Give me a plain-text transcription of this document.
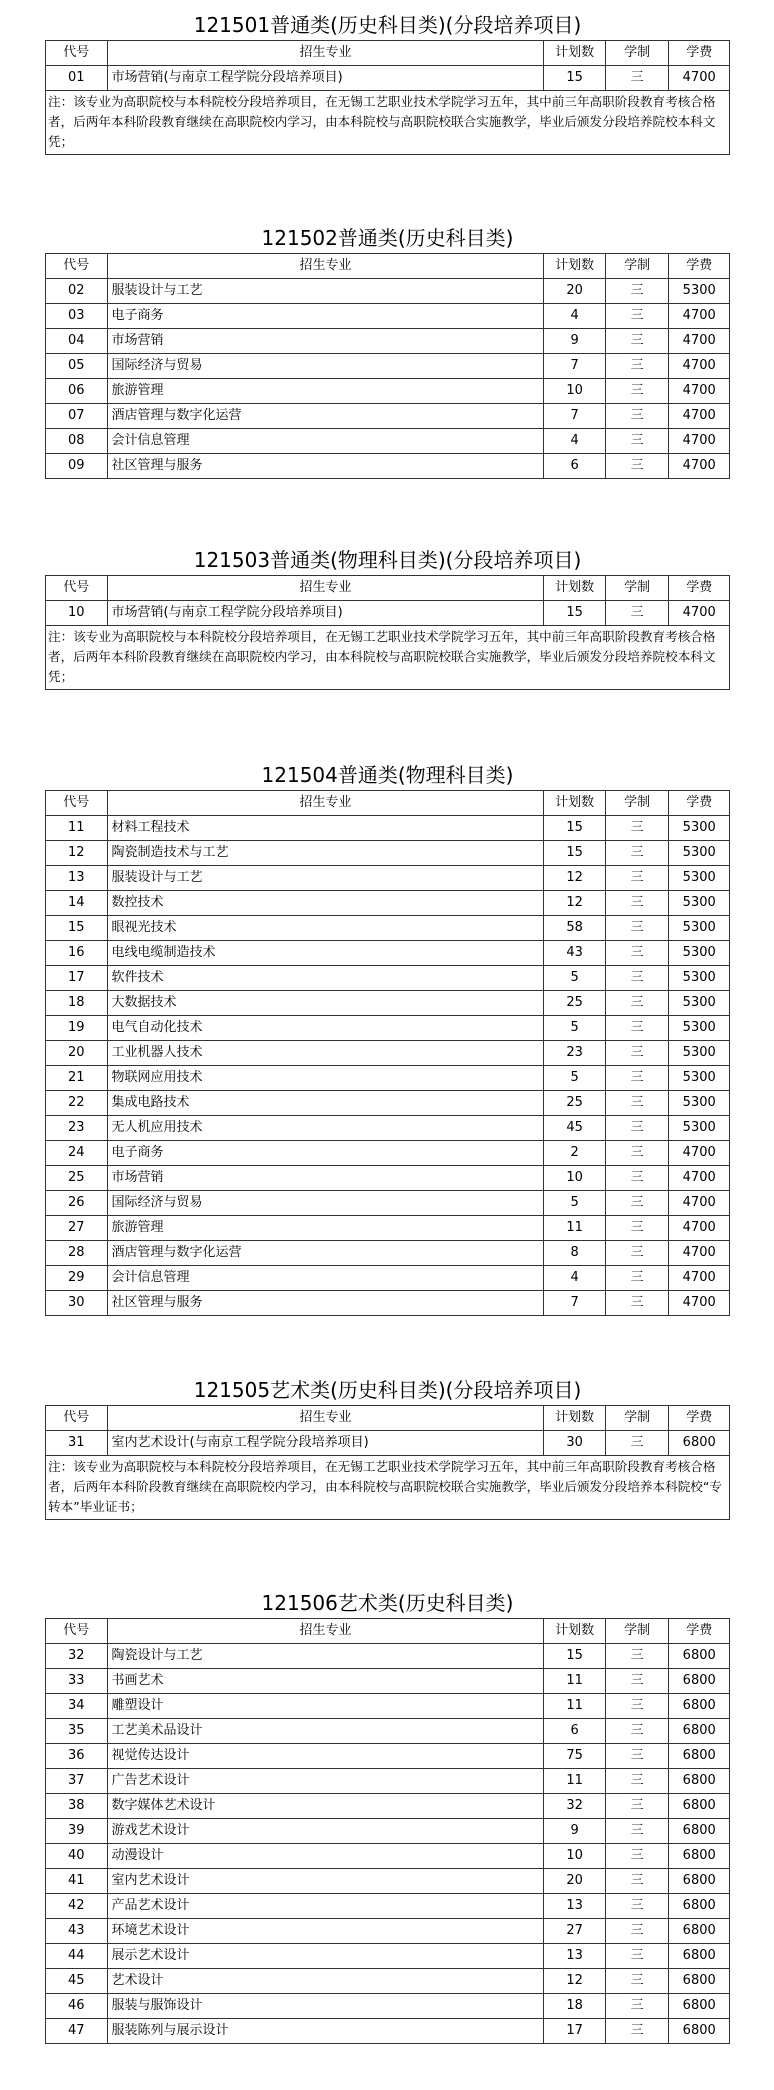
121501普通类(历史科目类)(分段培养项目)
代号	招生专业	计划数	学制	学费
01	市场营销(与南京工程学院分段培养项目)	15	三	4700
注：该专业为高职院校与本科院校分段培养项目，在无锡工艺职业技术学院学习五年，其中前三年高职阶段教育考核合格者，后两年本科阶段教育继续在高职院校内学习，由本科院校与高职院校联合实施教学，毕业后颁发分段培养院校本科文凭；				
121502普通类(历史科目类)
代号	招生专业	计划数	学制	学费
02	服装设计与工艺	20	三	5300
03	电子商务	4	三	4700
04	市场营销	9	三	4700
05	国际经济与贸易	7	三	4700
06	旅游管理	10	三	4700
07	酒店管理与数字化运营	7	三	4700
08	会计信息管理	4	三	4700
09	社区管理与服务	6	三	4700
121503普通类(物理科目类)(分段培养项目)
代号	招生专业	计划数	学制	学费
10	市场营销(与南京工程学院分段培养项目)	15	三	4700
注：该专业为高职院校与本科院校分段培养项目，在无锡工艺职业技术学院学习五年，其中前三年高职阶段教育考核合格者，后两年本科阶段教育继续在高职院校内学习，由本科院校与高职院校联合实施教学，毕业后颁发分段培养院校本科文凭；				
121504普通类(物理科目类)
代号	招生专业	计划数	学制	学费
11	材料工程技术	15	三	5300
12	陶瓷制造技术与工艺	15	三	5300
13	服装设计与工艺	12	三	5300
14	数控技术	12	三	5300
15	眼视光技术	58	三	5300
16	电线电缆制造技术	43	三	5300
17	软件技术	5	三	5300
18	大数据技术	25	三	5300
19	电气自动化技术	5	三	5300
20	工业机器人技术	23	三	5300
21	物联网应用技术	5	三	5300
22	集成电路技术	25	三	5300
23	无人机应用技术	45	三	5300
24	电子商务	2	三	4700
25	市场营销	10	三	4700
26	国际经济与贸易	5	三	4700
27	旅游管理	11	三	4700
28	酒店管理与数字化运营	8	三	4700
29	会计信息管理	4	三	4700
30	社区管理与服务	7	三	4700
121505艺术类(历史科目类)(分段培养项目)
代号	招生专业	计划数	学制	学费
31	室内艺术设计(与南京工程学院分段培养项目)	30	三	6800
注：该专业为高职院校与本科院校分段培养项目，在无锡工艺职业技术学院学习五年，其中前三年高职阶段教育考核合格者，后两年本科阶段教育继续在高职院校内学习，由本科院校与高职院校联合实施教学，毕业后颁发分段培养本科院校“专转本”毕业证书；				
121506艺术类(历史科目类)
代号	招生专业	计划数	学制	学费
32	陶瓷设计与工艺	15	三	6800
33	书画艺术	11	三	6800
34	雕塑设计	11	三	6800
35	工艺美术品设计	6	三	6800
36	视觉传达设计	75	三	6800
37	广告艺术设计	11	三	6800
38	数字媒体艺术设计	32	三	6800
39	游戏艺术设计	9	三	6800
40	动漫设计	10	三	6800
41	室内艺术设计	20	三	6800
42	产品艺术设计	13	三	6800
43	环境艺术设计	27	三	6800
44	展示艺术设计	13	三	6800
45	艺术设计	12	三	6800
46	服装与服饰设计	18	三	6800
47	服装陈列与展示设计	17	三	6800
